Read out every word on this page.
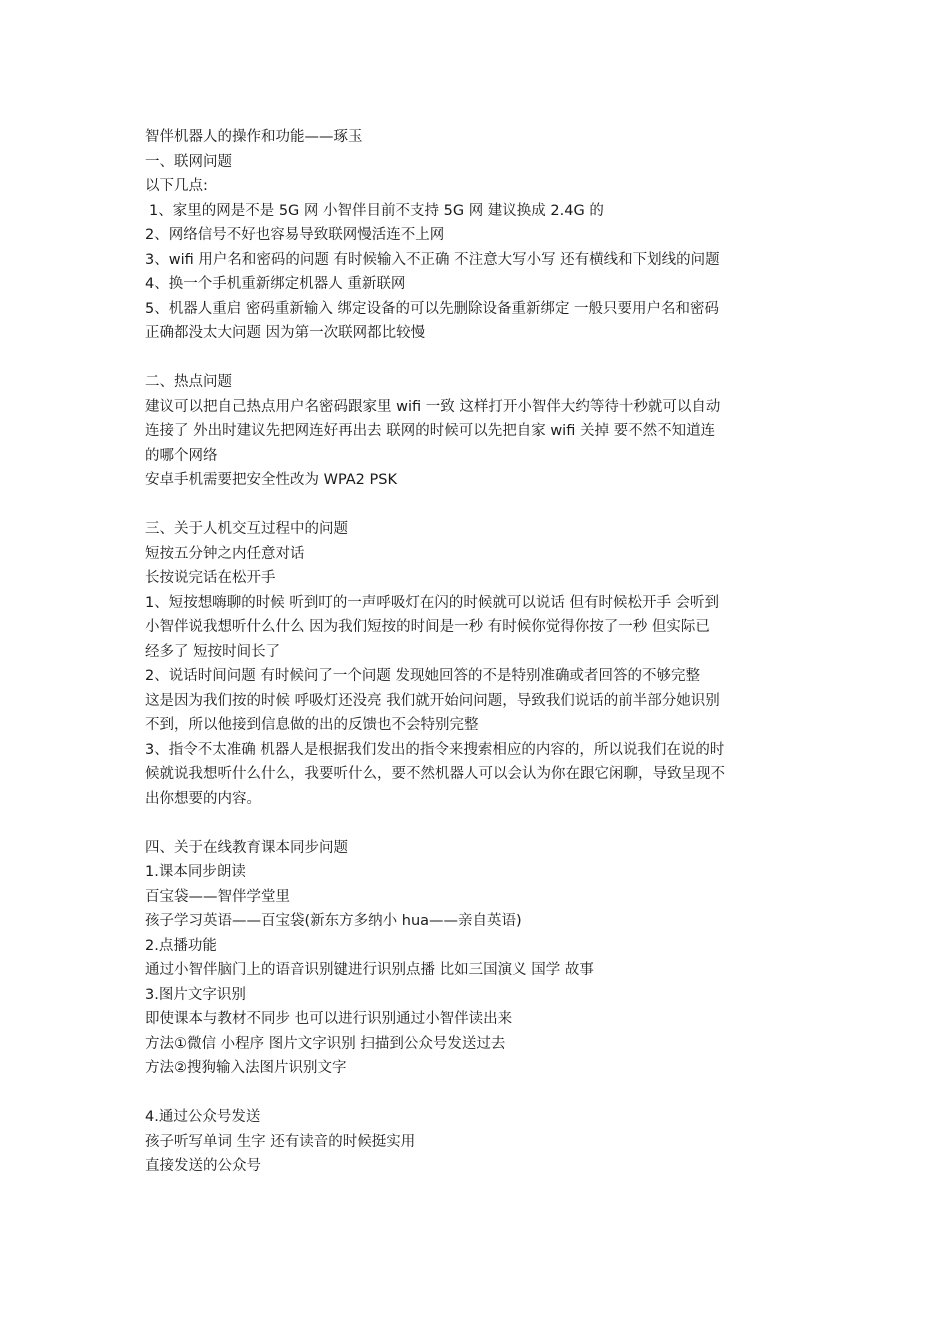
智伴机器人的操作和功能——琢玉
一、联网问题
以下几点:
1、家里的网是不是 5G 网 小智伴目前不支持 5G 网 建议换成 2.4G 的
2、网络信号不好也容易导致联网慢活连不上网
3、wifi 用户名和密码的问题 有时候输入不正确 不注意大写小写 还有横线和下划线的问题
4、换一个手机重新绑定机器人 重新联网
5、机器人重启 密码重新输入 绑定设备的可以先删除设备重新绑定 一般只要用户名和密码
正确都没太大问题 因为第一次联网都比较慢
二、热点问题
建议可以把自己热点用户名密码跟家里 wifi 一致 这样打开小智伴大约等待十秒就可以自动
连接了 外出时建议先把网连好再出去 联网的时候可以先把自家 wifi 关掉 要不然不知道连
的哪个网络
安卓手机需要把安全性改为 WPA2 PSK
三、关于人机交互过程中的问题
短按五分钟之内任意对话
长按说完话在松开手
1、短按想嗨聊的时候 听到叮的一声呼吸灯在闪的时候就可以说话 但有时候松开手 会听到
小智伴说我想听什么什么 因为我们短按的时间是一秒 有时候你觉得你按了一秒 但实际已
经多了 短按时间长了
2、说话时间问题 有时候问了一个问题 发现她回答的不是特别准确或者回答的不够完整
这是因为我们按的时候 呼吸灯还没亮 我们就开始问问题，导致我们说话的前半部分她识别
不到，所以他接到信息做的出的反馈也不会特别完整
3、指令不太准确 机器人是根据我们发出的指令来搜索相应的内容的，所以说我们在说的时
候就说我想听什么什么，我要听什么，要不然机器人可以会认为你在跟它闲聊，导致呈现不
出你想要的内容。
四、关于在线教育课本同步问题
1.课本同步朗读
百宝袋——智伴学堂里
孩子学习英语——百宝袋(新东方多纳小 hua——亲自英语)
2.点播功能
通过小智伴脑门上的语音识别键进行识别点播 比如三国演义 国学 故事
3.图片文字识别
即使课本与教材不同步 也可以进行识别通过小智伴读出来
方法①微信 小程序 图片文字识别 扫描到公众号发送过去
方法②搜狗输入法图片识别文字
4.通过公众号发送
孩子听写单词 生字 还有读音的时候挺实用
直接发送的公众号
